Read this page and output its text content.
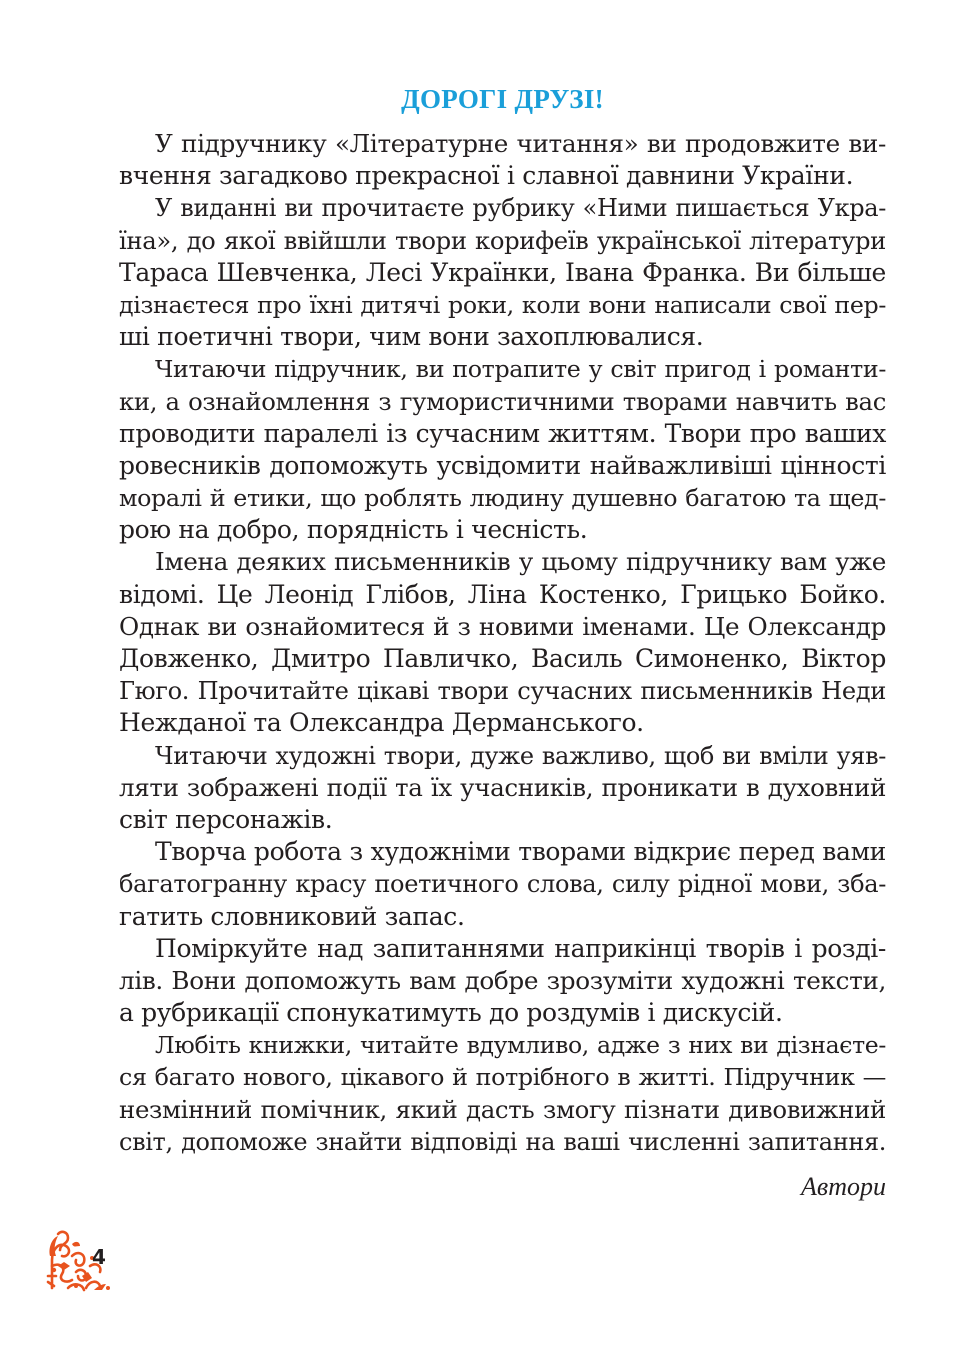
ДОРОГІ ДРУЗІ!
У підручнику «Літературне читання» ви продовжите ви-
вчення загадково прекрасної і славної давнини України.
У виданні ви прочитаєте рубрику «Ними пишається Укра-
їна», до якої ввійшли твори корифеїв української літератури
Тараса Шевченка, Лесі Українки, Івана Франка. Ви більше
дізнаєтеся про їхні дитячі роки, коли вони написали свої пер-
ші поетичні твори, чим вони захоплювалися.
Читаючи підручник, ви потрапите у світ пригод і романти-
ки, а ознайомлення з гумористичними творами навчить вас
проводити паралелі із сучасним життям. Твори про ваших
ровесників допоможуть усвідомити найважливіші цінності
моралі й етики, що роблять людину душевно багатою та щед-
рою на добро, порядність і чесність.
Імена деяких письменників у цьому підручнику вам уже
відомі. Це Леонід Глібов, Ліна Костенко, Грицько Бойко.
Однак ви ознайомитеся й з новими іменами. Це Олександр
Довженко, Дмитро Павличко, Василь Симоненко, Віктор
Гюго. Прочитайте цікаві твори сучасних письменників Неди
Нежданої та Олександра Дерманського.
Читаючи художні твори, дуже важливо, щоб ви вміли уяв-
ляти зображені події та їх учасників, проникати в духовний
світ персонажів.
Творча робота з художніми творами відкриє перед вами
багатогранну красу поетичного слова, силу рідної мови, зба-
гатить словниковий запас.
Поміркуйте над запитаннями наприкінці творів і розді-
лів. Вони допоможуть вам добре зрозуміти художні тексти,
а рубрикації спонукатимуть до роздумів і дискусій.
Любіть книжки, читайте вдумливо, адже з них ви дізнаєте-
ся багато нового, цікавого й потрібного в житті. Підручник —
незмінний помічник, який дасть змогу пізнати дивовижний
світ, допоможе знайти відповіді на ваші численні запитання.
Автори
4
